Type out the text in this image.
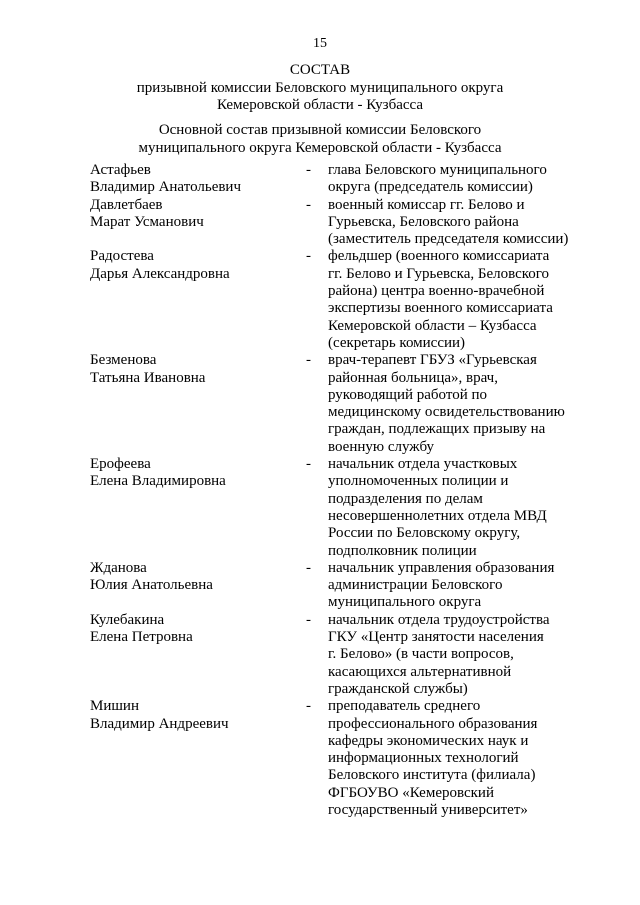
15
СОСТАВ
призывной комиссии Беловского муниципального округа
Кемеровской области - Кузбасса
Основной состав призывной комиссии Беловского
муниципального округа Кемеровской области - Кузбасса
Астафьев
Владимир Анатольевич
-	глава Беловского муниципального
округа (председатель комиссии)
Давлетбаев
Марат Усманович
-	военный комиссар гг. Белово и
Гурьевска, Беловского района
(заместитель председателя комиссии)
Радостева
Дарья Александровна
-	фельдшер (военного комиссариата
гг. Белово и Гурьевска, Беловского
района) центра военно-врачебной
экспертизы военного комиссариата
Кемеровской области – Кузбасса
(секретарь комиссии)
Безменова
Татьяна Ивановна
-	врач-терапевт ГБУЗ «Гурьевская
районная больница», врач,
руководящий работой по
медицинскому освидетельствованию
граждан, подлежащих призыву на
военную службу
Ерофеева
Елена Владимировна
-	начальник отдела участковых
уполномоченных полиции и
подразделения по делам
несовершеннолетних отдела МВД
России по Беловскому округу,
подполковник полиции
Жданова
Юлия Анатольевна
-	начальник управления образования
администрации Беловского
муниципального округа
Кулебакина
Елена Петровна
-	начальник отдела трудоустройства
ГКУ «Центр занятости населения
г. Белово» (в части вопросов,
касающихся альтернативной
гражданской службы)
Мишин
Владимир Андреевич
-	преподаватель среднего
профессионального образования
кафедры экономических наук и
информационных технологий
Беловского института (филиала)
ФГБОУВО «Кемеровский
государственный университет»
